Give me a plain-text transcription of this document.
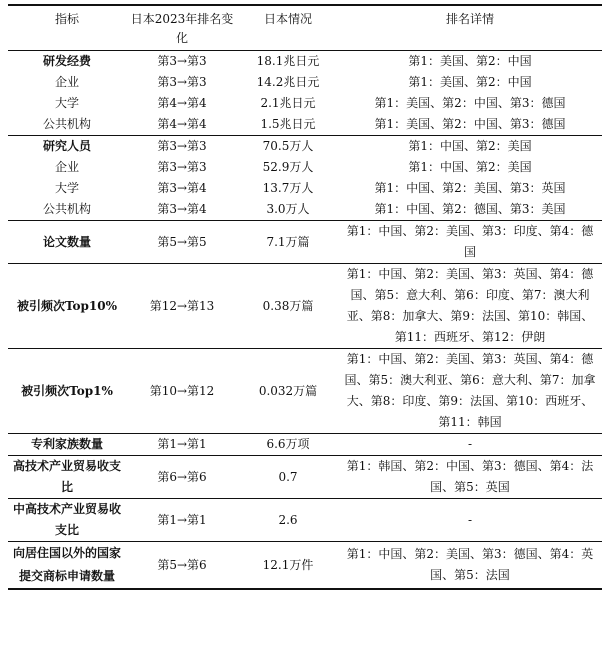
指标	日本2023年排名变化	日本情况	排名详情
研发经费	第3→第3	18.1兆日元	第1：美国、第2：中国
企业	第3→第3	14.2兆日元	第1：美国、第2：中国
大学	第4→第4	2.1兆日元	第1：美国、第2：中国、第3：德国
公共机构	第4→第4	1.5兆日元	第1：美国、第2：中国、第3：德国
研究人员	第3→第3	70.5万人	第1：中国、第2：美国
企业	第3→第3	52.9万人	第1：中国、第2：美国
大学	第3→第4	13.7万人	第1：中国、第2：美国、第3：英国
公共机构	第3→第4	3.0万人	第1：中国、第2：德国、第3：美国
论文数量	第5→第5	7.1万篇	第1：中国、第2：美国、第3：印度、第4：德国
被引频次Top10%	第12→第13	0.38万篇	第1：中国、第2：美国、第3：英国、第4：德国、第5：意大利、第6：印度、第7：澳大利亚、第8：加拿大、第9：法国、第10：韩国、第11：西班牙、第12：伊朗
被引频次Top1%	第10→第12	0.032万篇	第1：中国、第2：美国、第3：英国、第4：德国、第5：澳大利亚、第6：意大利、第7：加拿大、第8：印度、第9：法国、第10：西班牙、第11：韩国
专利家族数量	第1→第1	6.6万项	-
高技术产业贸易收支比	第6→第6	0.7	第1：韩国、第2：中国、第3：德国、第4：法国、第5：英国
中高技术产业贸易收支比	第1→第1	2.6	-
向居住国以外的国家提交商标申请数量	第5→第6	12.1万件	第1：中国、第2：美国、第3：德国、第4：英国、第5：法国
